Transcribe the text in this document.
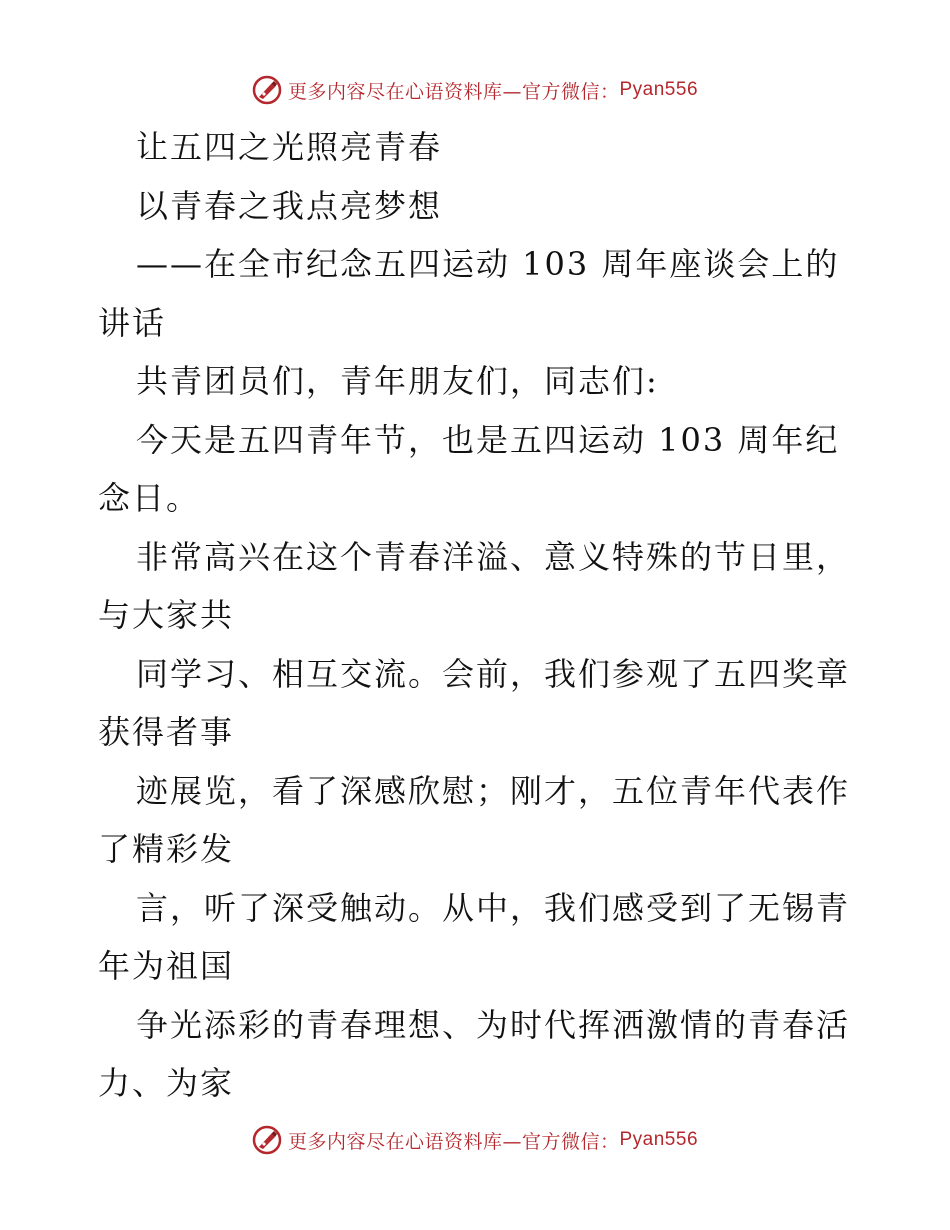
更多内容尽在心语资料库—官方微信： Pyan556
让五四之光照亮青春
以青春之我点亮梦想
——在全市纪念五四运动 103 周年座谈会上的
讲话
共青团员们，青年朋友们，同志们:
今天是五四青年节，也是五四运动 103 周年纪
念日。
非常高兴在这个青春洋溢、意义特殊的节日里，
与大家共
同学习、相互交流。会前，我们参观了五四奖章
获得者事
迹展览，看了深感欣慰；刚才，五位青年代表作
了精彩发
言，听了深受触动。从中，我们感受到了无锡青
年为祖国
争光添彩的青春理想、为时代挥洒激情的青春活
力、为家
更多内容尽在心语资料库—官方微信： Pyan556
